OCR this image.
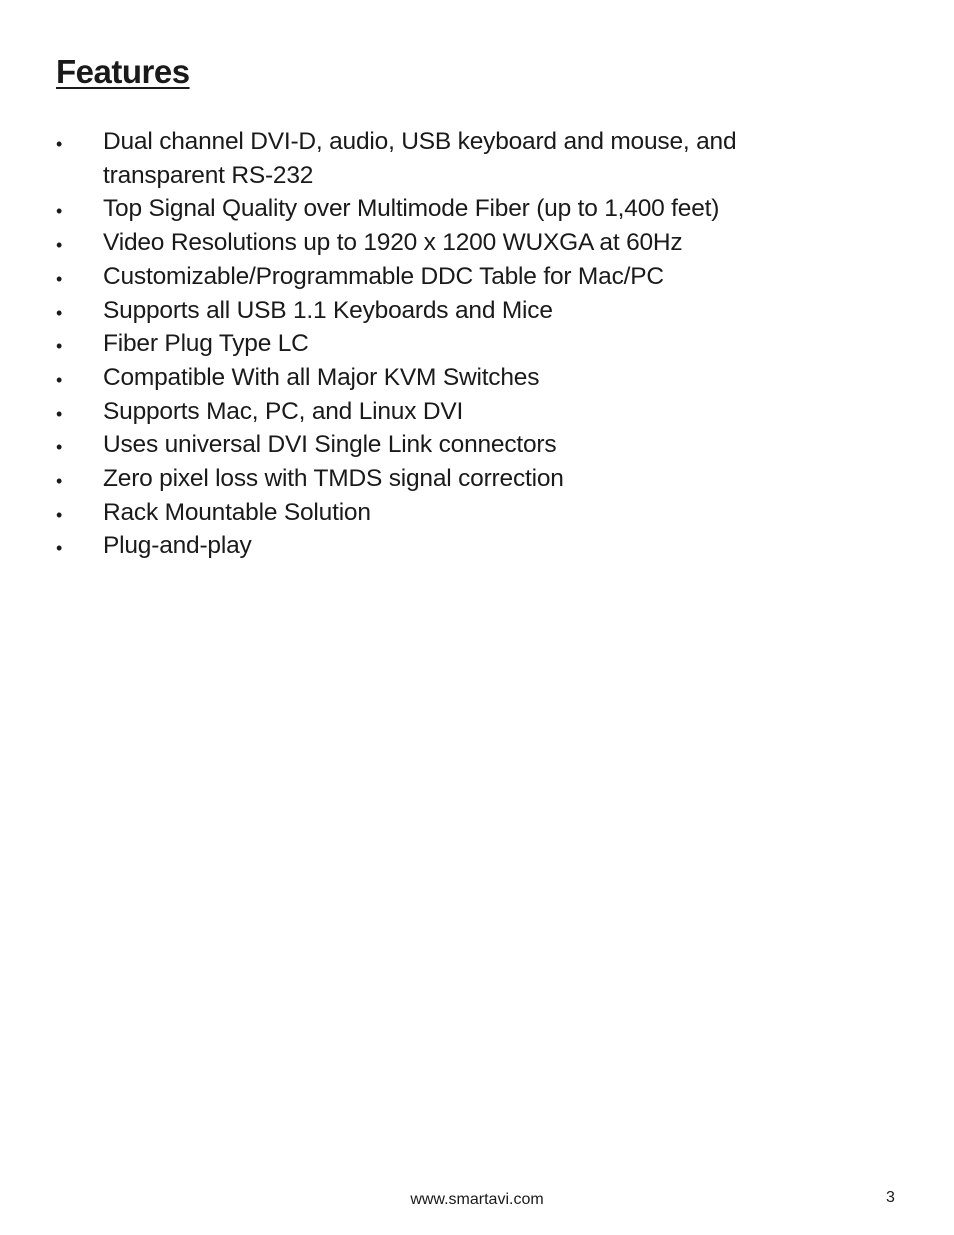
Features
• Dual channel DVI-D, audio, USB keyboard and mouse, and transparent RS-232
• Top Signal Quality over Multimode Fiber (up to 1,400 feet)
• Video Resolutions up to 1920 x 1200 WUXGA at 60Hz
• Customizable/Programmable DDC Table for Mac/PC
• Supports all USB 1.1 Keyboards and Mice
• Fiber Plug Type LC
• Compatible With all Major KVM Switches
• Supports Mac, PC, and Linux DVI
• Uses universal DVI Single Link connectors
• Zero pixel loss with TMDS signal correction
• Rack Mountable Solution
• Plug-and-play
www.smartavi.com	3
